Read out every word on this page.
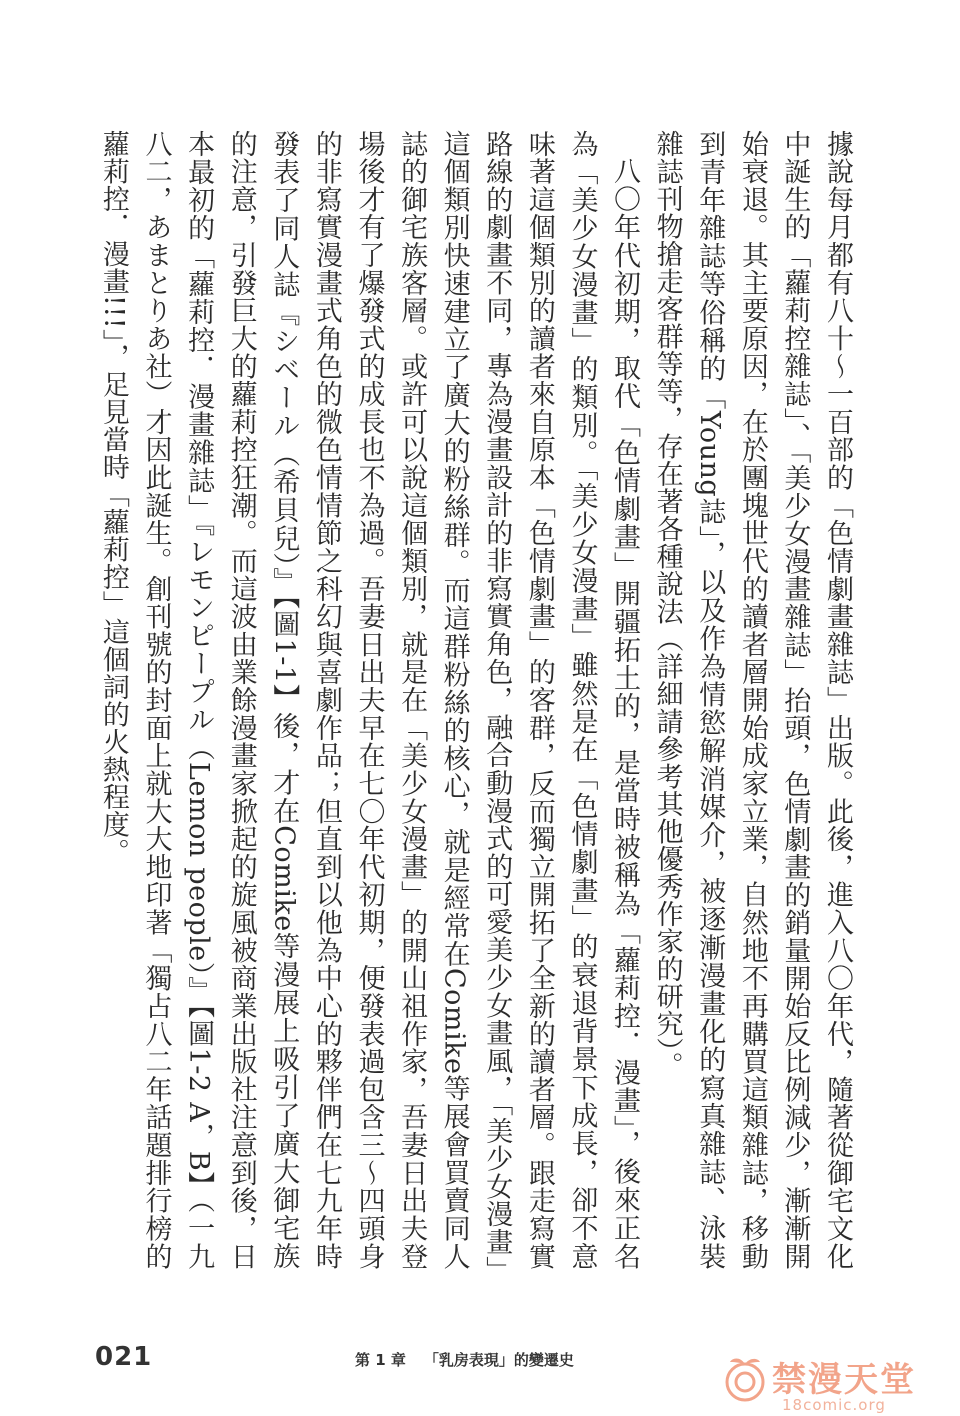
據說每月都有八十～一百部的「色情劇畫雜誌」出版。此後，進入八〇年代，隨著從御宅文化中誕生的「蘿莉控雜誌」、「美少女漫畫雜誌」抬頭，色情劇畫的銷量開始反比例減少，漸漸開始衰退。其主要原因，在於團塊世代的讀者層開始成家立業，自然地不再購買這類雜誌，移動到青年雜誌等俗稱的「Young誌」，以及作為情慾解消媒介，被逐漸漫畫化的寫真雜誌、泳裝雜誌刊物搶走客群等等，存在著各種說法（詳細請參考其他優秀作家的研究）。

八〇年代初期，取代「色情劇畫」開疆拓土的，是當時被稱為「蘿莉控．漫畫」，後來正名為「美少女漫畫」的類別。「美少女漫畫」雖然是在「色情劇畫」的衰退背景下成長，卻不意味著這個類別的讀者來自原本「色情劇畫」的客群，反而獨立開拓了全新的讀者層。跟走寫實路線的劇畫不同，專為漫畫設計的非寫實角色，融合動漫式的可愛美少女畫風，「美少女漫畫」這個類別快速建立了廣大的粉絲群。而這群粉絲的核心，就是經常在Comike等展會買賣同人誌的御宅族客層。或許可以說這個類別，就是在「美少女漫畫」的開山祖作家，吾妻日出夫登場後才有了爆發式的成長也不為過。吾妻日出夫早在七〇年代初期，便發表過包含三～四頭身的非寫實漫畫式角色的微色情情節之科幻與喜劇作品；但直到以他為中心的夥伴們在七九年時發表了同人誌『シベール（希貝兒）』【圖1-1】後，才在Comike等漫展上吸引了廣大御宅族的注意，引發巨大的蘿莉控狂潮。而這波由業餘漫畫家掀起的旋風被商業出版社注意到後，日本最初的「蘿莉控．漫畫雜誌」『レモンピープル（Lemon people）』【圖1-2 A，B】（一九八二，あまとりあ社）才因此誕生。創刊號的封面上就大大地印著「獨占八二年話題排行榜的蘿莉控．漫畫!!!」，足見當時「蘿莉控」這個詞的火熱程度。

021	第 1 章 「乳房表現」的變遷史	禁漫天堂
18comic.org
